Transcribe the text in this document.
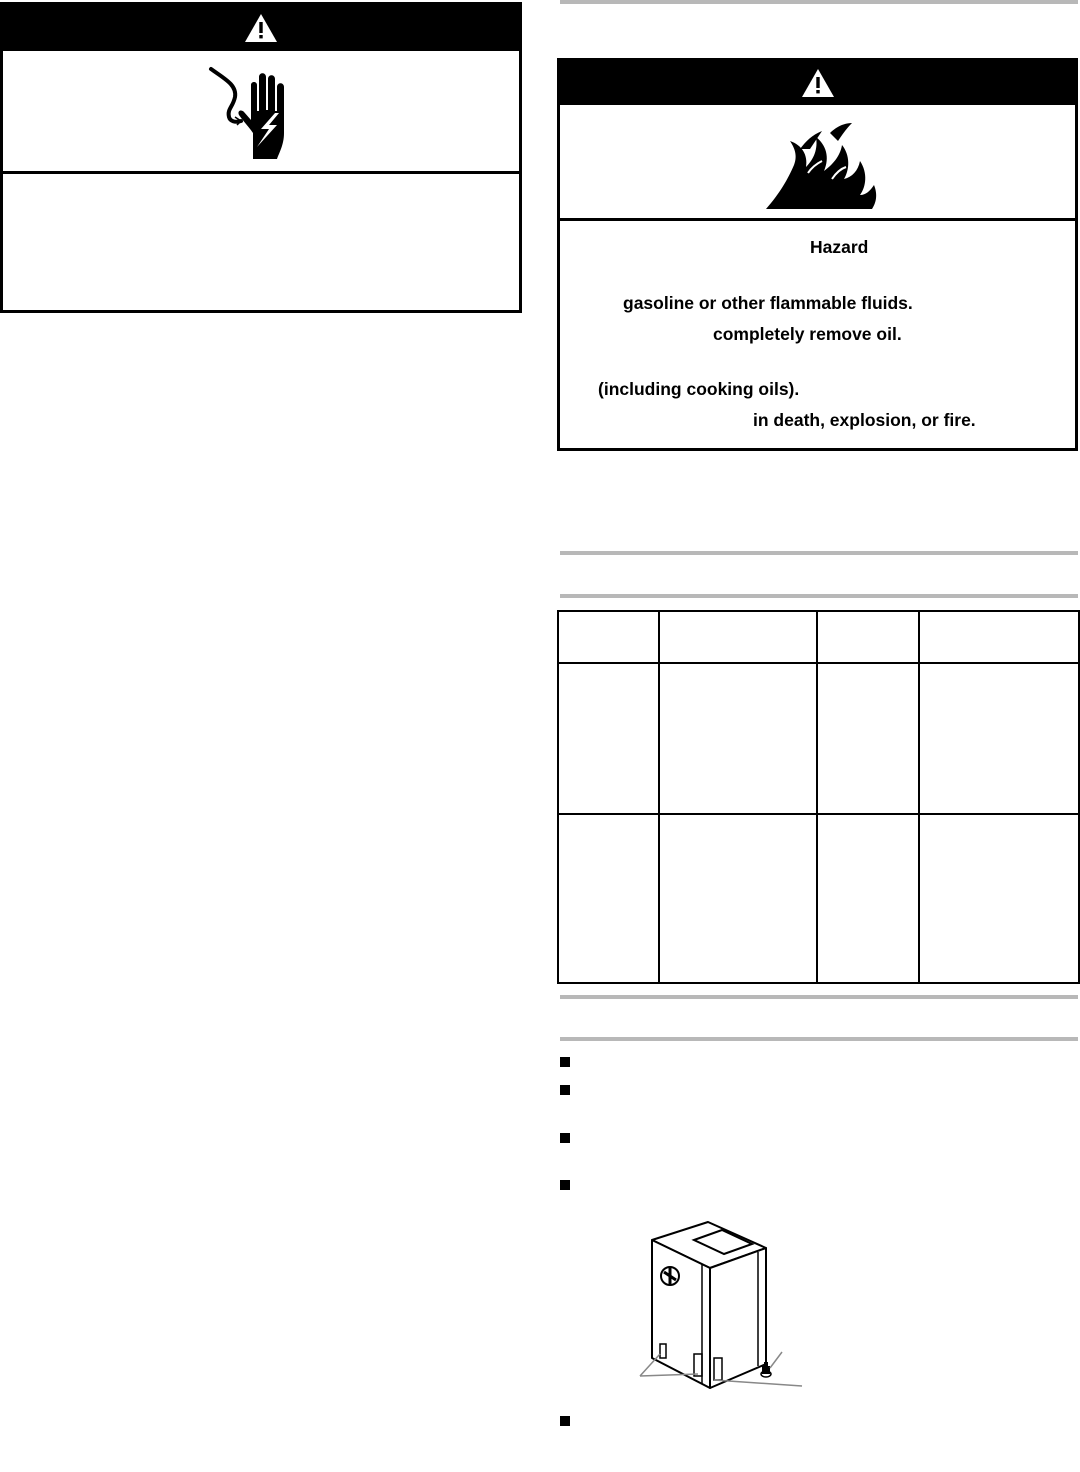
Hazard
gasoline or other flammable fluids.
completely remove oil.
(including cooking oils).
in death, explosion, or fire.
